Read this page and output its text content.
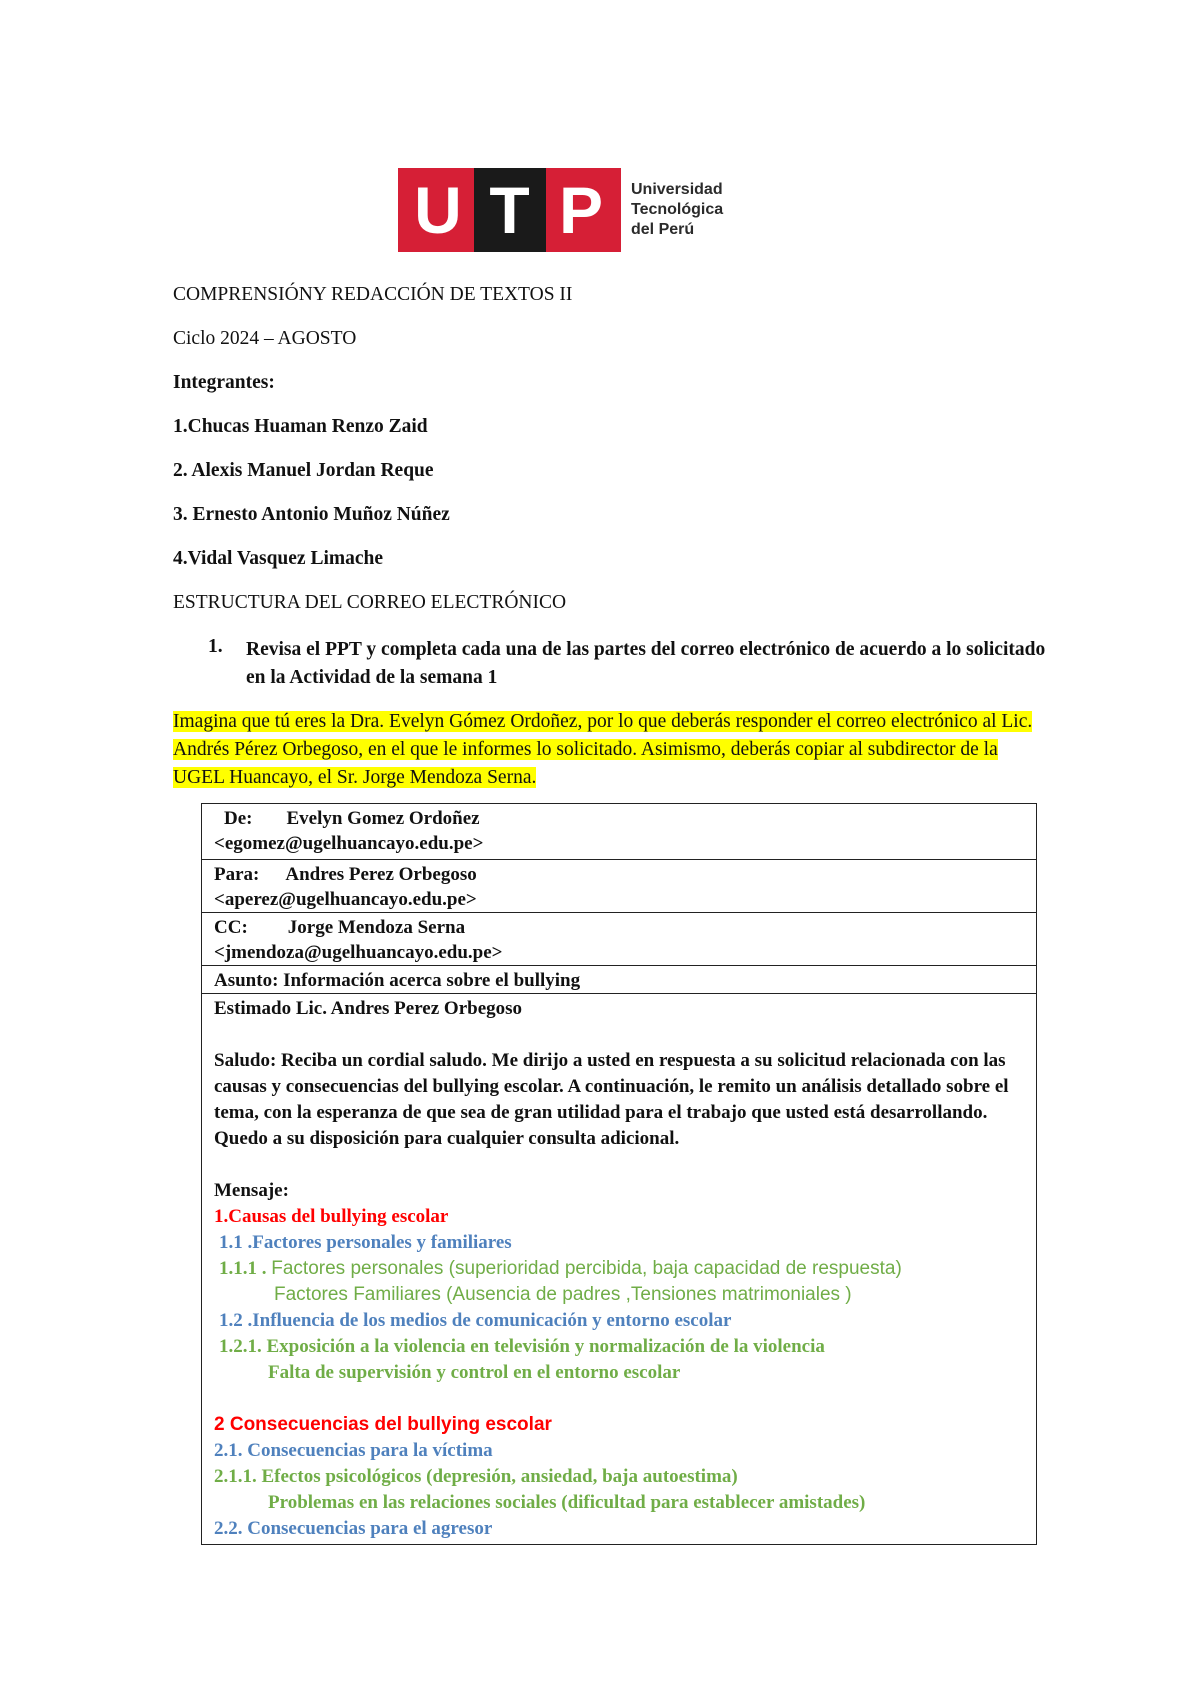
U T P	Universidad
Tecnológica
del Perú
COMPRENSIÓNY REDACCIÓN DE TEXTOS II
Ciclo 2024 – AGOSTO
Integrantes:
1.Chucas Huaman Renzo Zaid
2. Alexis Manuel Jordan Reque
3. Ernesto Antonio Muñoz Núñez
4.Vidal Vasquez Limache
ESTRUCTURA DEL CORREO ELECTRÓNICO
1. Revisa el PPT y completa cada una de las partes del correo electrónico de acuerdo a lo solicitado en la Actividad de la semana 1
Imagina que tú eres la Dra. Evelyn Gómez Ordoñez, por lo que deberás responder el correo electrónico al Lic. Andrés Pérez Orbegoso, en el que le informes lo solicitado. Asimismo, deberás copiar al subdirector de la UGEL Huancayo, el Sr. Jorge Mendoza Serna.
De: Evelyn Gomez Ordoñez
<egomez@ugelhuancayo.edu.pe>

Para: Andres Perez Orbegoso
<aperez@ugelhuancayo.edu.pe>

CC: Jorge Mendoza Serna
<jmendoza@ugelhuancayo.edu.pe>

Asunto: Información acerca sobre el bullying

Estimado Lic. Andres Perez Orbegoso
Saludo: Reciba un cordial saludo. Me dirijo a usted en respuesta a su solicitud relacionada con las causas y consecuencias del bullying escolar. A continuación, le remito un análisis detallado sobre el tema, con la esperanza de que sea de gran utilidad para el trabajo que usted está desarrollando. Quedo a su disposición para cualquier consulta adicional.
Mensaje:
1.Causas del bullying escolar
1.1 .Factores personales y familiares
1.1.1 . Factores personales (superioridad percibida, baja capacidad de respuesta)
Factores Familiares (Ausencia de padres ,Tensiones matrimoniales )
1.2 .Influencia de los medios de comunicación y entorno escolar
1.2.1. Exposición a la violencia en televisión y normalización de la violencia
Falta de supervisión y control en el entorno escolar
2 Consecuencias del bullying escolar
2.1. Consecuencias para la víctima
2.1.1. Efectos psicológicos (depresión, ansiedad, baja autoestima)
Problemas en las relaciones sociales (dificultad para establecer amistades)
2.2. Consecuencias para el agresor
